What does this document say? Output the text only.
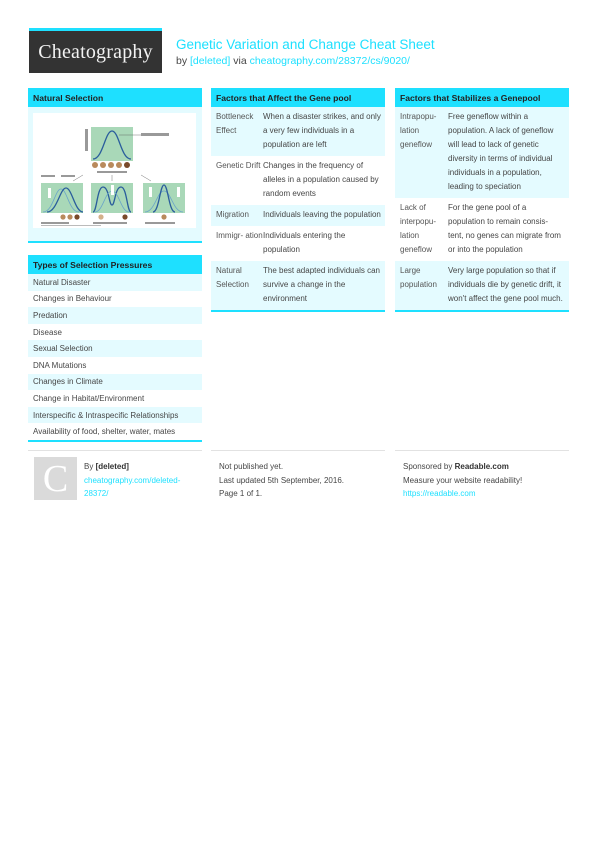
Cheatography Genetic Variation and Change Cheat Sheet
by [deleted] via cheatography.com/28372/cs/9020/
Natural Selection
Types of Selection Pressures
Natural Disaster
Changes in Behaviour
Predation
Disease
Sexual Selection
DNA Mutations
Changes in Climate
Change in Habitat/Environment
Interspecific & Intraspecific Relationships
Availability of food, shelter, water, mates
Factors that Affect the Gene pool
Bottleneck Effect
When a disaster strikes, and only a very few individuals in a population are left
Genetic Drift Changes in the frequency of alleles in a population caused by random events
Migration	Individuals leaving the population
Immigr- ation Individuals entering the population
Natural Selection
The best adapted individuals can survive a change in the environment
Factors that Stabilizes a Genepool
Intrapopu- lation geneflow
Free geneflow within a population. A lack of geneflow will lead to lack of genetic diversity in terms of individual individuals in a population, leading to speciation
Lack of interpopu- lation geneflow
For the gene pool of a population to remain consis- tent, no genes can migrate from or into the population
Large population
Very large population so that if individuals die by genetic drift, it won't affect the gene pool much.
C By [deleted]
cheatography.com/deleted-28372/
Not published yet.
Last updated 5th September, 2016.
Page 1 of 1.
Sponsored by Readable.com
Measure your website readability!
https://readable.com
